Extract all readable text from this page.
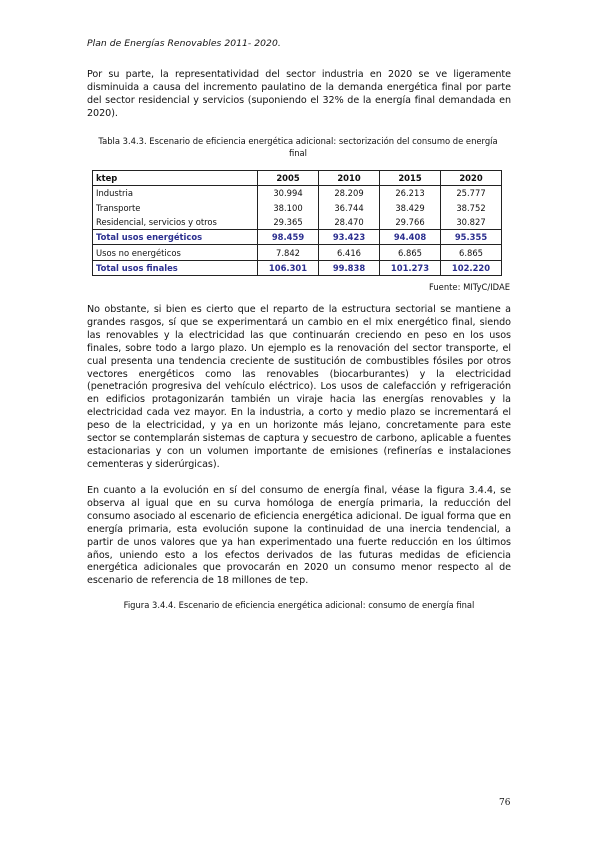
Plan de Energías Renovables 2011- 2020.
Por su parte, la representatividad del sector industria en 2020 se ve ligeramente disminuida a causa del incremento paulatino de la demanda energética final por parte del sector residencial y servicios (suponiendo el 32% de la energía final demandada en 2020).
Tabla 3.4.3. Escenario de eficiencia energética adicional: sectorización del consumo de energía final
ktep	2005	2010	2015	2020
Industria	30.994	28.209	26.213	25.777
Transporte	38.100	36.744	38.429	38.752
Residencial, servicios y otros	29.365	28.470	29.766	30.827
Total usos energéticos	98.459	93.423	94.408	95.355
Usos no energéticos	7.842	6.416	6.865	6.865
Total usos finales	106.301	99.838	101.273	102.220
Fuente: MITyC/IDAE
No obstante, si bien es cierto que el reparto de la estructura sectorial se mantiene a grandes rasgos, sí que se experimentará un cambio en el mix energético final, siendo las renovables y la electricidad las que continuarán creciendo en peso en los usos finales, sobre todo a largo plazo. Un ejemplo es la renovación del sector transporte, el cual presenta una tendencia creciente de sustitución de combustibles fósiles por otros vectores energéticos como las renovables (biocarburantes) y la electricidad (penetración progresiva del vehículo eléctrico). Los usos de calefacción y refrigeración en edificios protagonizarán también un viraje hacia las energías renovables y la electricidad cada vez mayor. En la industria, a corto y medio plazo se incrementará el peso de la electricidad, y ya en un horizonte más lejano, concretamente para este sector se contemplarán sistemas de captura y secuestro de carbono, aplicable a fuentes estacionarias y con un volumen importante de emisiones (refinerías e instalaciones cementeras y siderúrgicas).
En cuanto a la evolución en sí del consumo de energía final, véase la figura 3.4.4, se observa al igual que en su curva homóloga de energía primaria, la reducción del consumo asociado al escenario de eficiencia energética adicional. De igual forma que en energía primaria, esta evolución supone la continuidad de una inercia tendencial, a partir de unos valores que ya han experimentado una fuerte reducción en los últimos años, uniendo esto a los efectos derivados de las futuras medidas de eficiencia energética adicionales que provocarán en 2020 un consumo menor respecto al de escenario de referencia de 18 millones de tep.
Figura 3.4.4. Escenario de eficiencia energética adicional: consumo de energía final
76
